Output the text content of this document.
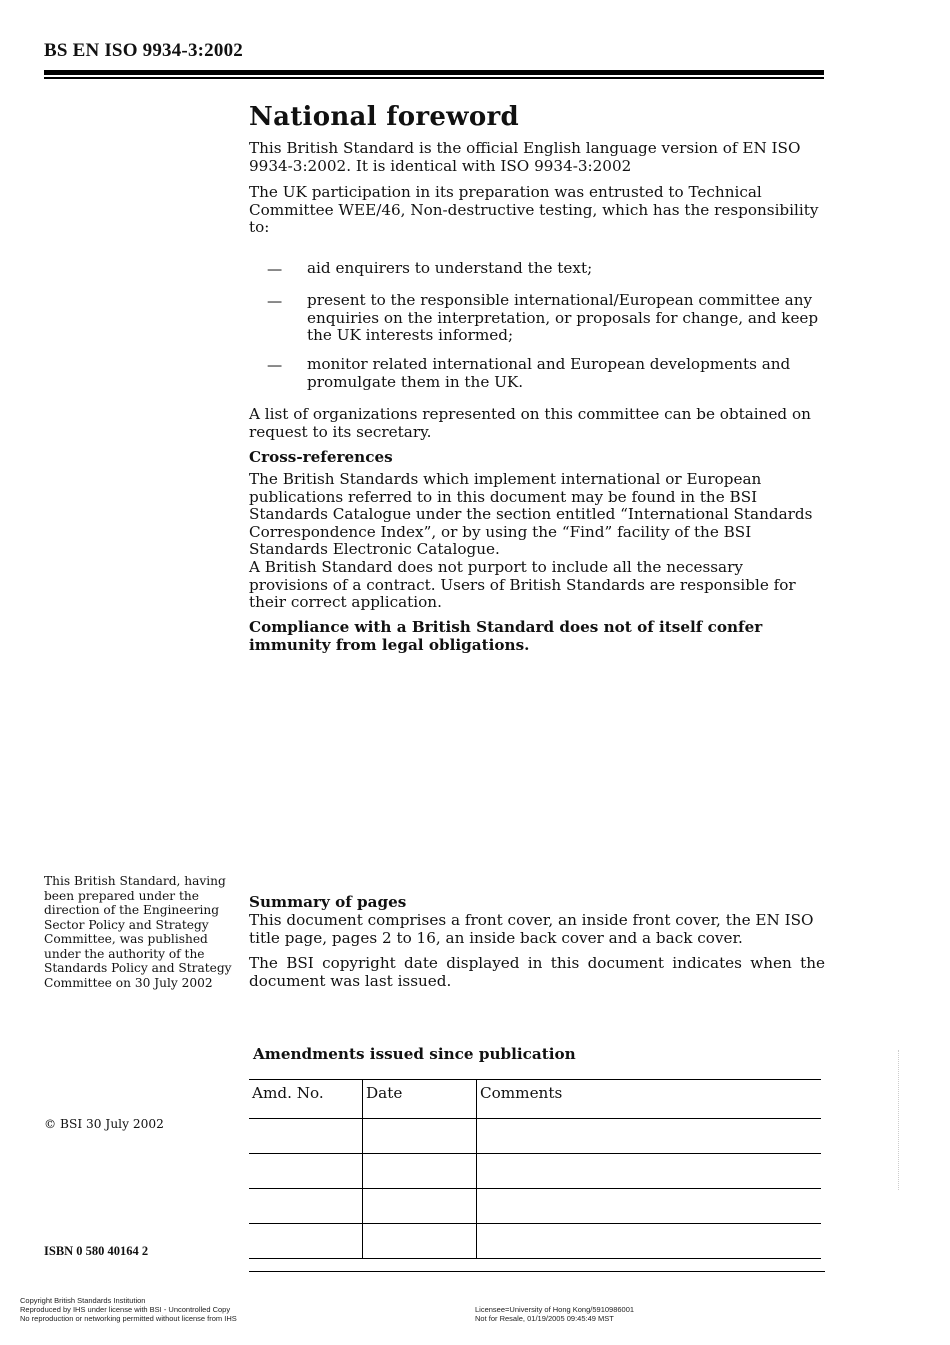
BS EN ISO 9934-3:2002
National foreword
This British Standard is the official English language version of EN ISO 9934-3:2002. It is identical with ISO 9934-3:2002
The UK participation in its preparation was entrusted to Technical Committee WEE/46, Non-destructive testing, which has the responsibility to:
— aid enquirers to understand the text;
— present to the responsible international/European committee any enquiries on the interpretation, or proposals for change, and keep the UK interests informed;
— monitor related international and European developments and promulgate them in the UK.
A list of organizations represented on this committee can be obtained on request to its secretary.
Cross-references
The British Standards which implement international or European publications referred to in this document may be found in the BSI Standards Catalogue under the section entitled “International Standards Correspondence Index”, or by using the “Find” facility of the BSI Standards Electronic Catalogue.
A British Standard does not purport to include all the necessary provisions of a contract. Users of British Standards are responsible for their correct application.
Compliance with a British Standard does not of itself confer immunity from legal obligations.
This British Standard, having been prepared under the direction of the Engineering Sector Policy and Strategy Committee, was published under the authority of the Standards Policy and Strategy Committee on 30 July 2002
Summary of pages
This document comprises a front cover, an inside front cover, the EN ISO title page, pages 2 to 16, an inside back cover and a back cover.
The BSI copyright date displayed in this document indicates when the document was last issued.
Amendments issued since publication
Amd. No.	Date	Comments

© BSI 30 July 2002
ISBN 0 580 40164 2
Copyright British Standards Institution
Reproduced by IHS under license with BSI - Uncontrolled Copy
No reproduction or networking permitted without license from IHS
Licensee=University of Hong Kong/5910986001
Not for Resale, 01/19/2005 09:45:49 MST
